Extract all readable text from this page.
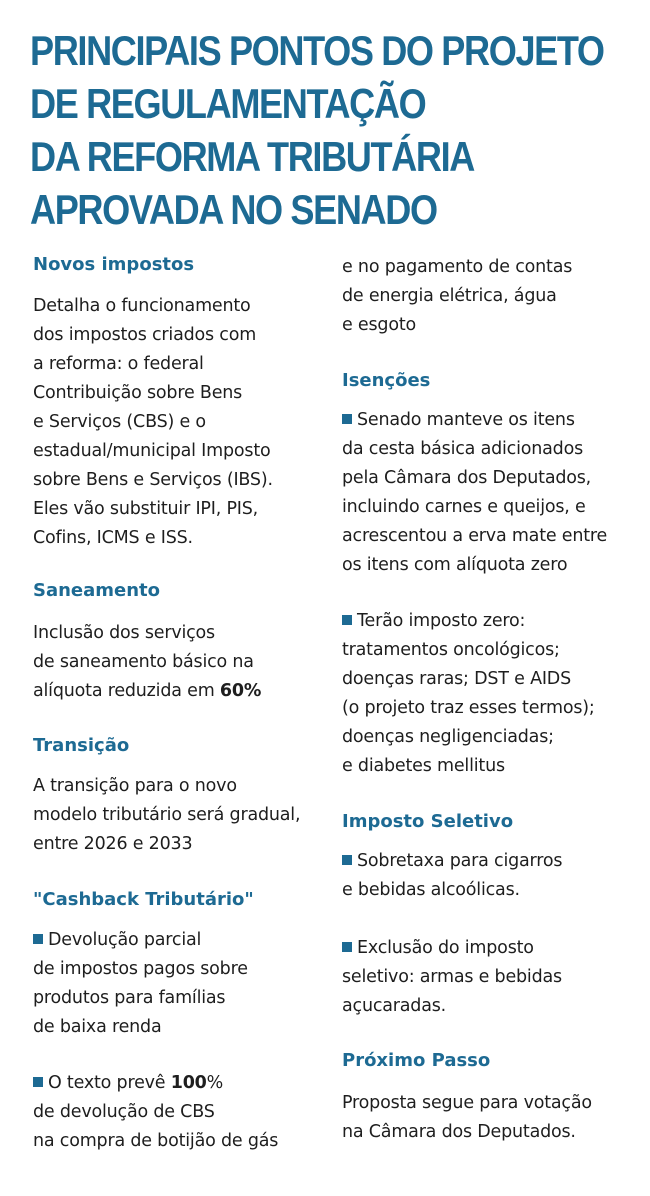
PRINCIPAIS PONTOS DO PROJETO
DE REGULAMENTAÇÃO
DA REFORMA TRIBUTÁRIA
APROVADA NO SENADO
Novos impostos
Detalha o funcionamento
dos impostos criados com
a reforma: o federal
Contribuição sobre Bens
e Serviços (CBS) e o
estadual/municipal Imposto
sobre Bens e Serviços (IBS).
Eles vão substituir IPI, PIS,
Cofins, ICMS e ISS.
Saneamento
Inclusão dos serviços
de saneamento básico na
alíquota reduzida em 60%
Transição
A transição para o novo
modelo tributário será gradual,
entre 2026 e 2033
"Cashback Tributário"
Devolução parcial
de impostos pagos sobre
produtos para famílias
de baixa renda
O texto prevê 100%
de devolução de CBS
na compra de botijão de gás
e no pagamento de contas
de energia elétrica, água
e esgoto
Isenções
Senado manteve os itens
da cesta básica adicionados
pela Câmara dos Deputados,
incluindo carnes e queijos, e
acrescentou a erva mate entre
os itens com alíquota zero
Terão imposto zero:
tratamentos oncológicos;
doenças raras; DST e AIDS
(o projeto traz esses termos);
doenças negligenciadas;
e diabetes mellitus
Imposto Seletivo
Sobretaxa para cigarros
e bebidas alcoólicas.
Exclusão do imposto
seletivo: armas e bebidas
açucaradas.
Próximo Passo
Proposta segue para votação
na Câmara dos Deputados.
